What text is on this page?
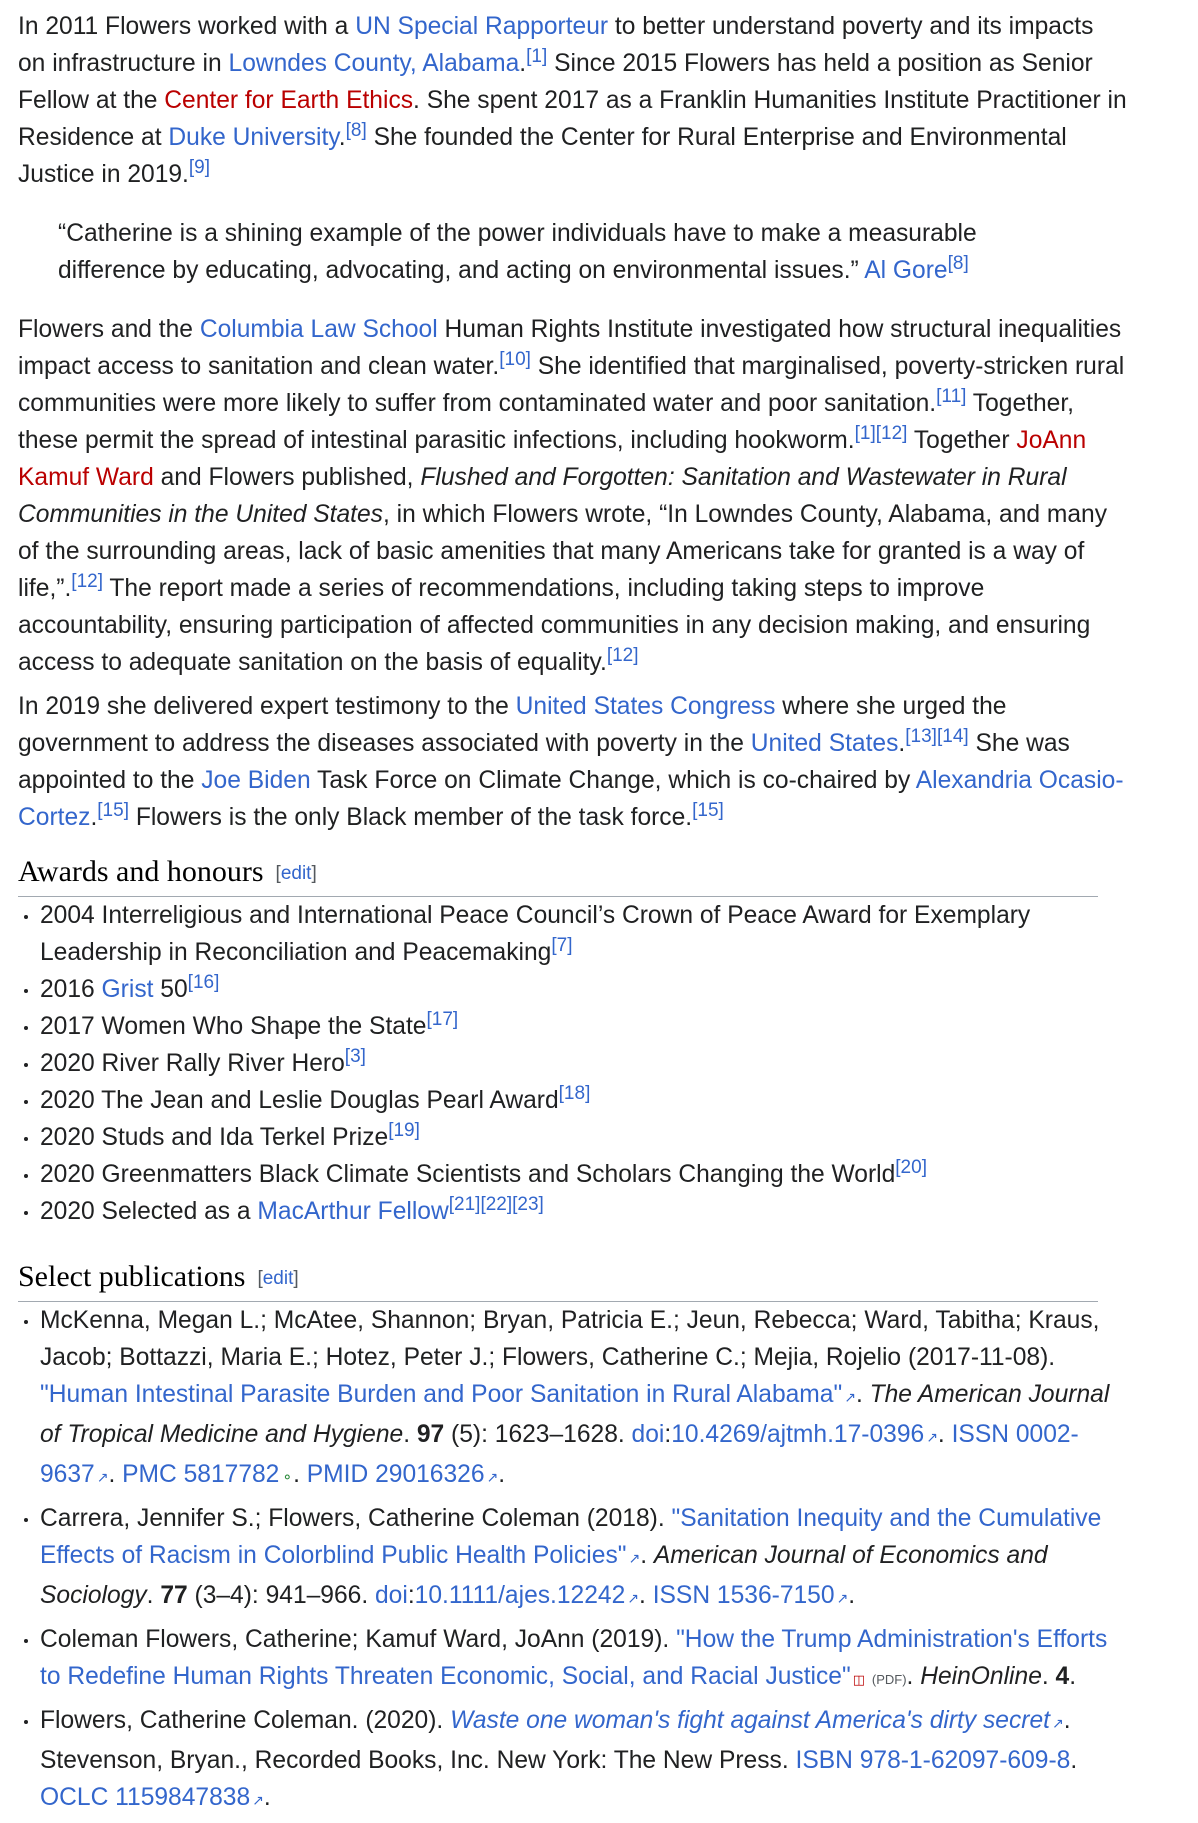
In 2011 Flowers worked with a UN Special Rapporteur to better understand poverty and its impacts

on infrastructure in Lowndes County, Alabama.[1] Since 2015 Flowers has held a position as Senior

Fellow at the Center for Earth Ethics. She spent 2017 as a Franklin Humanities Institute Practitioner in

Residence at Duke University.[8] She founded the Center for Rural Enterprise and Environmental

Justice in 2019.[9]

“Catherine is a shining example of the power individuals have to make a measurable

difference by educating, advocating, and acting on environmental issues.” Al Gore[8]

Flowers and the Columbia Law School Human Rights Institute investigated how structural inequalities

impact access to sanitation and clean water.[10] She identified that marginalised, poverty-stricken rural

communities were more likely to suffer from contaminated water and poor sanitation.[11] Together,

these permit the spread of intestinal parasitic infections, including hookworm.[1][12] Together JoAnn

Kamuf Ward and Flowers published, Flushed and Forgotten: Sanitation and Wastewater in Rural

Communities in the United States, in which Flowers wrote, “In Lowndes County, Alabama, and many

of the surrounding areas, lack of basic amenities that many Americans take for granted is a way of

life,”.[12] The report made a series of recommendations, including taking steps to improve

accountability, ensuring participation of affected communities in any decision making, and ensuring

access to adequate sanitation on the basis of equality.[12]

In 2019 she delivered expert testimony to the United States Congress where she urged the

government to address the diseases associated with poverty in the United States.[13][14] She was

appointed to the Joe Biden Task Force on Climate Change, which is co-chaired by Alexandria Ocasio-

Cortez.[15] Flowers is the only Black member of the task force.[15]

Awards and honours [edit]
2004 Interreligious and International Peace Council’s Crown of Peace Award for Exemplary
Leadership in Reconciliation and Peacemaking[7]
2016 Grist 50[16]
2017 Women Who Shape the State[17]
2020 River Rally River Hero[3]
2020 The Jean and Leslie Douglas Pearl Award[18]
2020 Studs and Ida Terkel Prize[19]
2020 Greenmatters Black Climate Scientists and Scholars Changing the World[20]
2020 Selected as a MacArthur Fellow[21][22][23]
Select publications [edit]
McKenna, Megan L.; McAtee, Shannon; Bryan, Patricia E.; Jeun, Rebecca; Ward, Tabitha; Kraus,
Jacob; Bottazzi, Maria E.; Hotez, Peter J.; Flowers, Catherine C.; Mejia, Rojelio (2017-11-08).
"Human Intestinal Parasite Burden and Poor Sanitation in Rural Alabama" ↗. The American Journal
of Tropical Medicine and Hygiene. 97 (5): 1623–1628. doi:10.4269/ajtmh.17-0396 ↗. ISSN 0002-
9637 ↗. PMC 5817782 ⚬. PMID 29016326 ↗.
Carrera, Jennifer S.; Flowers, Catherine Coleman (2018). "Sanitation Inequity and the Cumulative
Effects of Racism in Colorblind Public Health Policies" ↗. American Journal of Economics and
Sociology. 77 (3–4): 941–966. doi:10.1111/ajes.12242 ↗. ISSN 1536-7150 ↗.
Coleman Flowers, Catherine; Kamuf Ward, JoAnn (2019). "How the Trump Administration's Efforts
to Redefine Human Rights Threaten Economic, Social, and Racial Justice" ◫ (PDF). HeinOnline. 4.
Flowers, Catherine Coleman. (2020). Waste one woman's fight against America's dirty secret ↗.
Stevenson, Bryan., Recorded Books, Inc. New York: The New Press. ISBN 978-1-62097-609-8.
OCLC 1159847838 ↗.
